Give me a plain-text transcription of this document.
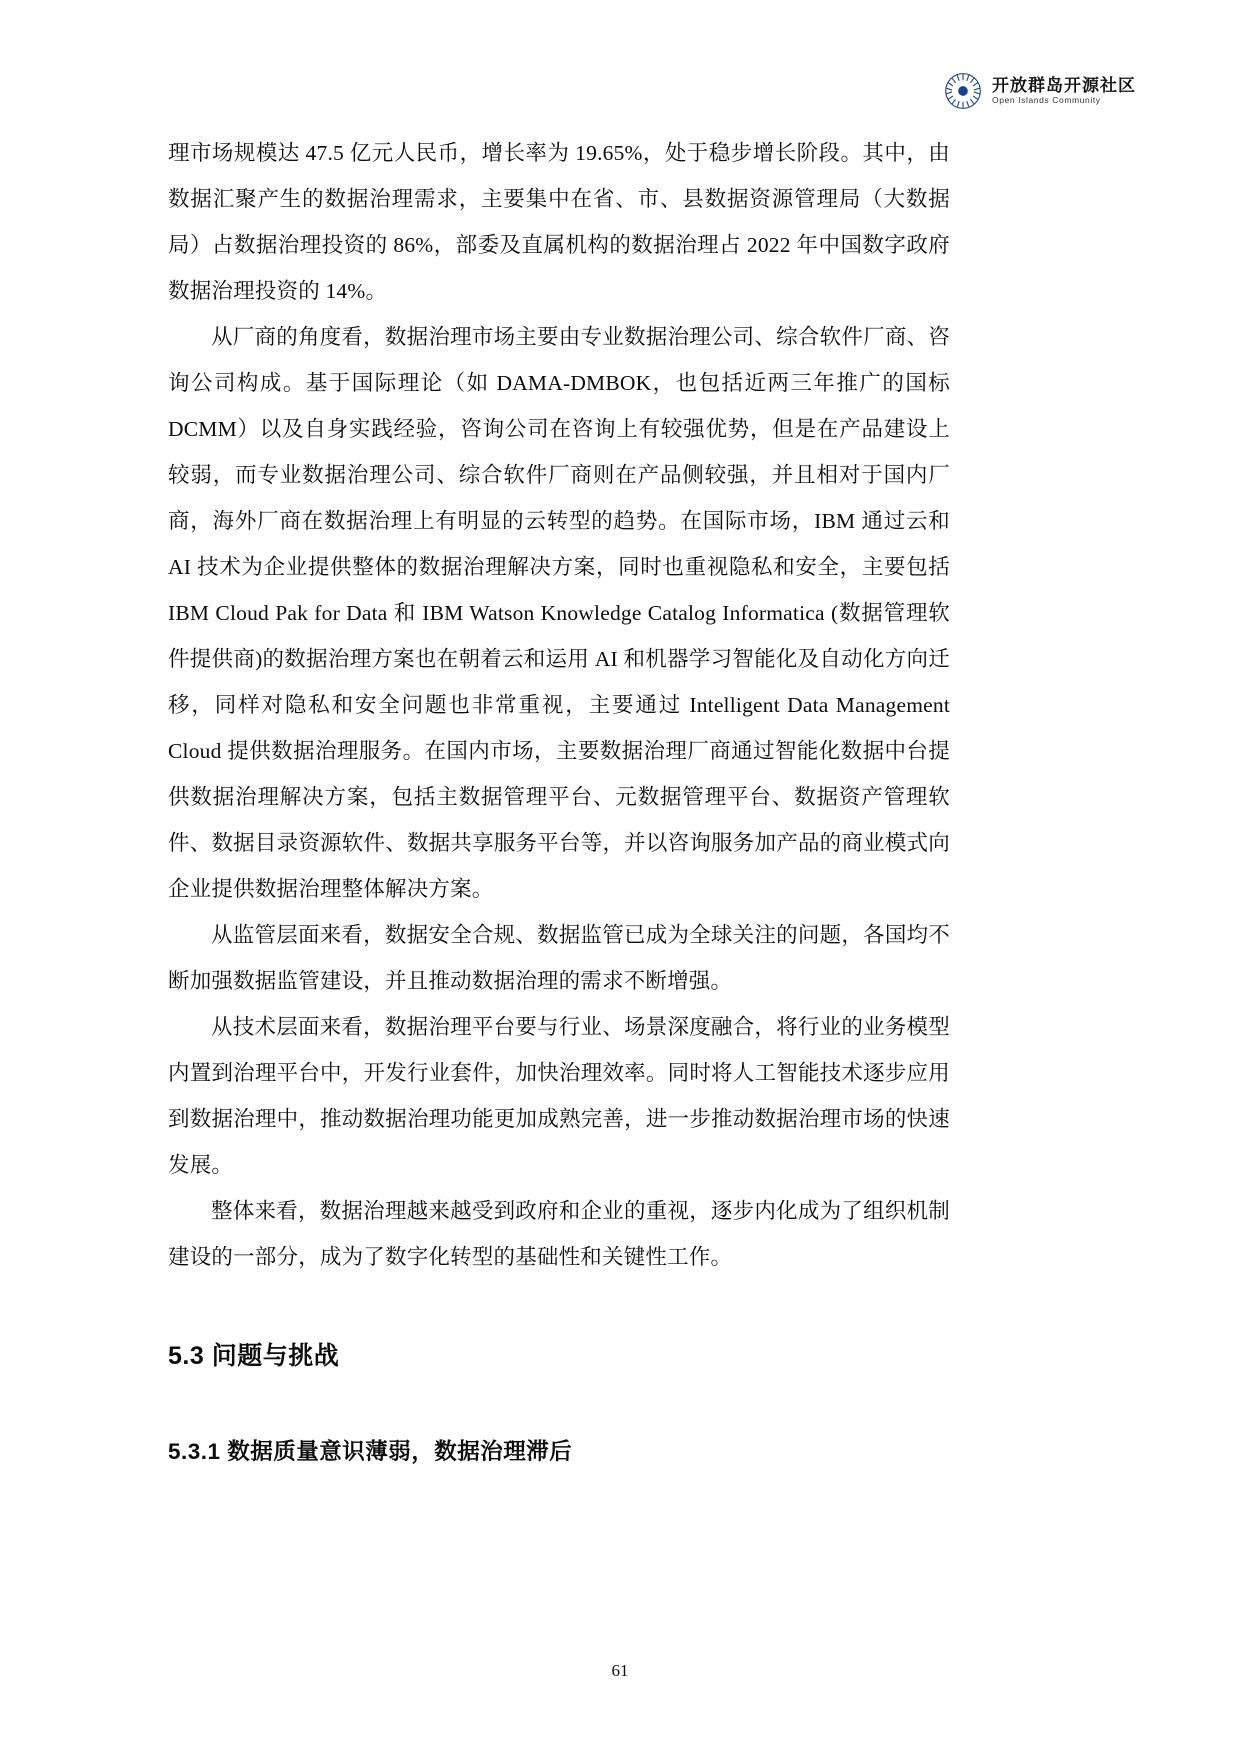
开放群岛开源社区
Open Islands Community

理市场规模达 47.5 亿元人民币，增长率为 19.65%，处于稳步增长阶段。其中，由数据汇聚产生的数据治理需求，主要集中在省、市、县数据资源管理局（大数据局）占数据治理投资的 86%，部委及直属机构的数据治理占 2022 年中国数字政府数据治理投资的 14%。

从厂商的角度看，数据治理市场主要由专业数据治理公司、综合软件厂商、咨询公司构成。基于国际理论（如 DAMA-DMBOK，也包括近两三年推广的国标 DCMM）以及自身实践经验，咨询公司在咨询上有较强优势，但是在产品建设上较弱，而专业数据治理公司、综合软件厂商则在产品侧较强，并且相对于国内厂商，海外厂商在数据治理上有明显的云转型的趋势。在国际市场，IBM 通过云和 AI 技术为企业提供整体的数据治理解决方案，同时也重视隐私和安全，主要包括 IBM Cloud Pak for Data 和 IBM Watson Knowledge Catalog Informatica (数据管理软件提供商)的数据治理方案也在朝着云和运用 AI 和机器学习智能化及自动化方向迁移，同样对隐私和安全问题也非常重视，主要通过 Intelligent Data Management Cloud 提供数据治理服务。在国内市场，主要数据治理厂商通过智能化数据中台提供数据治理解决方案，包括主数据管理平台、元数据管理平台、数据资产管理软件、数据目录资源软件、数据共享服务平台等，并以咨询服务加产品的商业模式向企业提供数据治理整体解决方案。

从监管层面来看，数据安全合规、数据监管已成为全球关注的问题，各国均不断加强数据监管建设，并且推动数据治理的需求不断增强。

从技术层面来看，数据治理平台要与行业、场景深度融合，将行业的业务模型内置到治理平台中，开发行业套件，加快治理效率。同时将人工智能技术逐步应用到数据治理中，推动数据治理功能更加成熟完善，进一步推动数据治理市场的快速发展。

整体来看，数据治理越来越受到政府和企业的重视，逐步内化成为了组织机制建设的一部分，成为了数字化转型的基础性和关键性工作。

5.3 问题与挑战
5.3.1 数据质量意识薄弱，数据治理滞后
61
